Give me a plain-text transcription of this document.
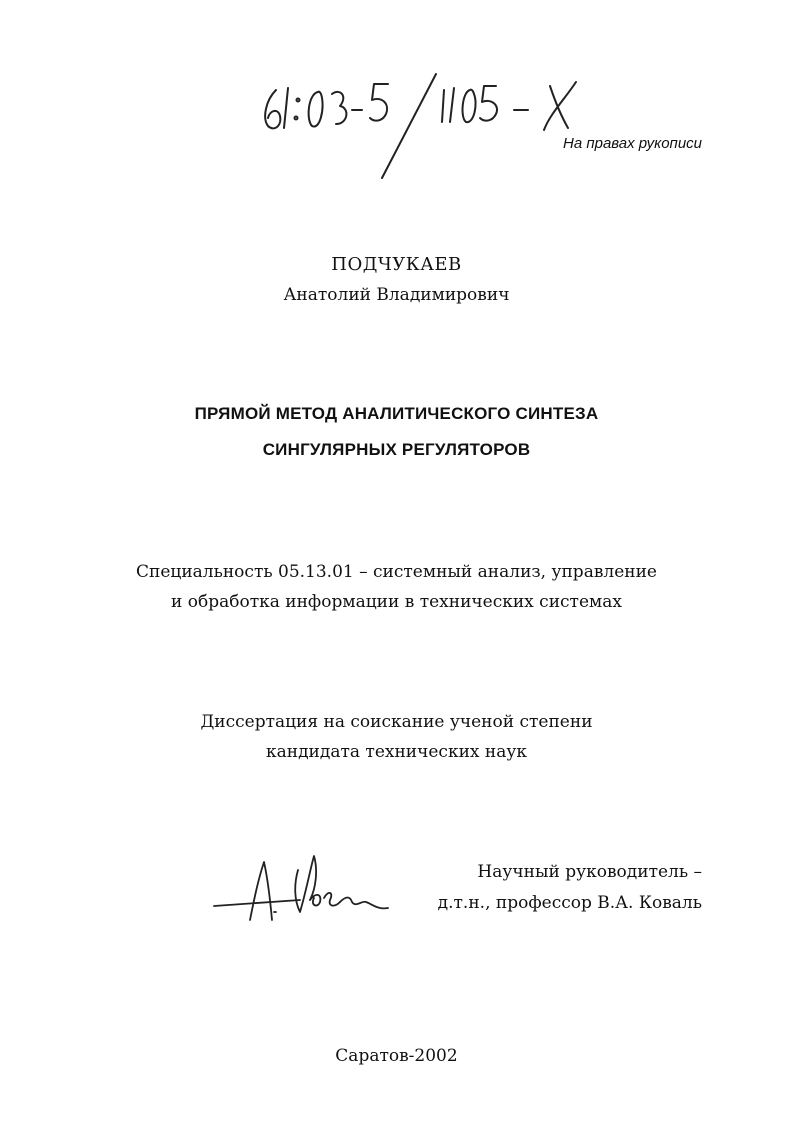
На правах рукописи
ПОДЧУКАЕВ
Анатолий Владимирович
ПРЯМОЙ МЕТОД АНАЛИТИЧЕСКОГО СИНТЕЗА
СИНГУЛЯРНЫХ РЕГУЛЯТОРОВ
Специальность 05.13.01 – системный анализ, управление
и обработка информации в технических системах
Диссертация на соискание ученой степени
кандидата технических наук
Научный руководитель –
д.т.н., профессор В.А. Коваль
Саратов-2002
